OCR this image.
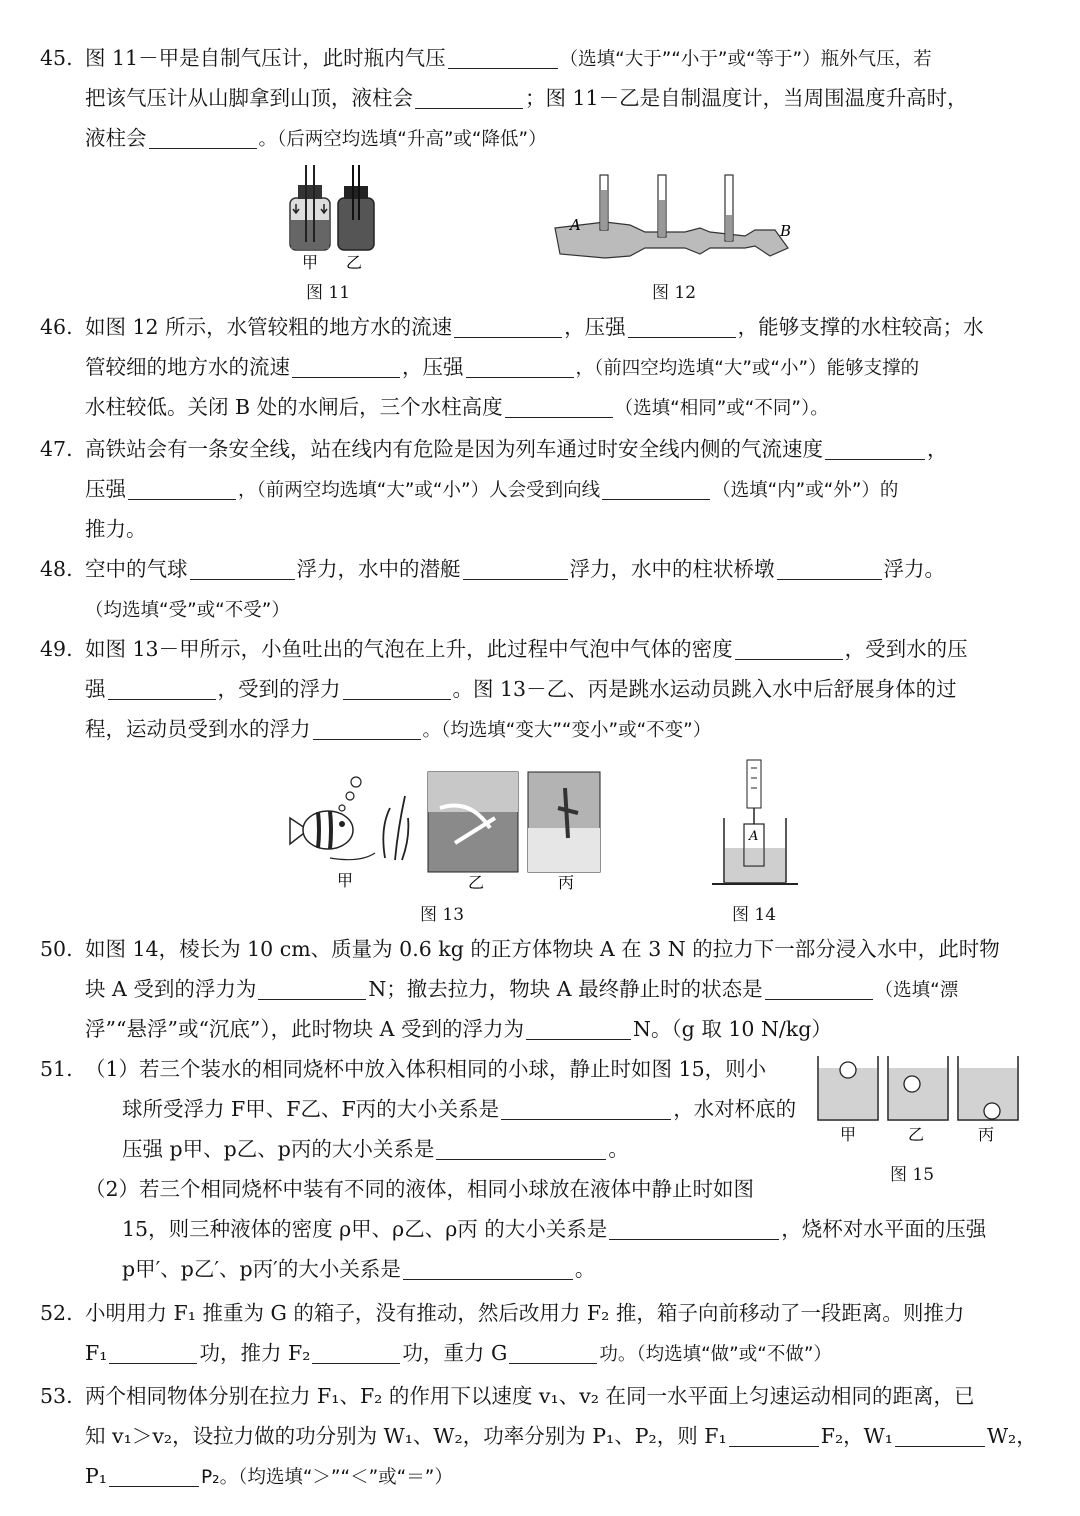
45. 图 11－甲是自制气压计，此时瓶内气压	（选填“大于”“小于”或“等于”）瓶外气压，若
把该气压计从山脚拿到山顶，液柱会	；图 11－乙是自制温度计，当周围温度升高时，
液柱会	。（后两空均选填“升高”或“降低”）
甲 乙
图 11
A	B
图 12
46. 如图 12 所示，水管较粗的地方水的流速	，压强	，能够支撑的水柱较高；水
管较细的地方水的流速	，压强	，（前四空均选填“大”或“小”）能够支撑的
水柱较低。关闭 B 处的水闸后，三个水柱高度	（选填“相同”或“不同”）。
47. 高铁站会有一条安全线，站在线内有危险是因为列车通过时安全线内侧的气流速度	，
压强	，（前两空均选填“大”或“小”）人会受到向线	（选填“内”或“外”）的
推力。
48. 空中的气球	浮力，水中的潜艇	浮力，水中的柱状桥墩	浮力。
（均选填“受”或“不受”）
49. 如图 13－甲所示，小鱼吐出的气泡在上升，此过程中气泡中气体的密度	，受到水的压
强	，受到的浮力	。图 13－乙、丙是跳水运动员跳入水中后舒展身体的过
程，运动员受到水的浮力	。（均选填“变大”“变小”或“不变”）
甲	乙	丙
图 13
A
图 14
50. 如图 14，棱长为 10 cm、质量为 0.6 kg 的正方体物块 A 在 3 N 的拉力下一部分浸入水中，此时物
块 A 受到的浮力为	N；撤去拉力，物块 A 最终静止时的状态是	（选填“漂
浮”“悬浮”或“沉底”），此时物块 A 受到的浮力为	N。（g 取 10 N/kg）
51. （1）若三个装水的相同烧杯中放入体积相同的小球，静止时如图 15，则小
球所受浮力 F甲、F乙、F丙的大小关系是	，水对杯底的
压强 p甲、p乙、p丙的大小关系是	。
（2）若三个相同烧杯中装有不同的液体，相同小球放在液体中静止时如图
15，则三种液体的密度 ρ甲、ρ乙、ρ丙 的大小关系是	，烧杯对水平面的压强
p甲′、p乙′、p丙′的大小关系是	。
甲	乙	丙
图 15
52. 小明用力 F₁ 推重为 G 的箱子，没有推动，然后改用力 F₂ 推，箱子向前移动了一段距离。则推力
F₁	功，推力 F₂	功，重力 G	功。（均选填“做”或“不做”）
53. 两个相同物体分别在拉力 F₁、F₂ 的作用下以速度 v₁、v₂ 在同一水平面上匀速运动相同的距离，已
知 v₁＞v₂，设拉力做的功分别为 W₁、W₂，功率分别为 P₁、P₂，则 F₁	F₂，W₁	W₂，
P₁	P₂。（均选填“＞”“＜”或“＝”）
